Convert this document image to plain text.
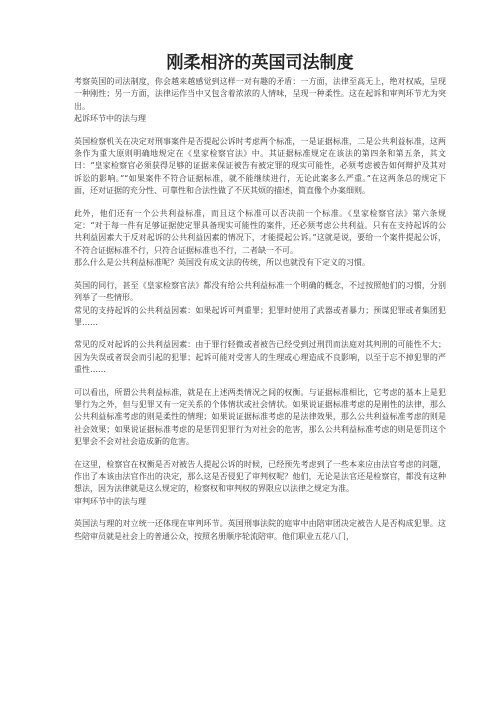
刚柔相济的英国司法制度

考察英国的司法制度，你会越来越感觉到这样一对有趣的矛盾：一方面，法律至高无上，绝对权威，呈现一种刚性；另一方面，法律运作当中又包含着浓浓的人情味，呈现一种柔性。这在起诉和审判环节尤为突出。

起诉环节中的法与理

英国检察机关在决定对刑事案件是否提起公诉时考虑两个标准，一是证据标准，二是公共利益标准，这两条作为重大原则明确地规定在《皇家检察官法》中。其证据标准规定在该法的第四条和第五条，其文曰：“皇家检察官必须获得足够的证据来保证被告有被定罪的现实可能性，必须考虑被告如何辩护及其对诉讼的影响。”“如果案件不符合证据标准，就不能继续进行，无论此案多么严重。”在这两条总的规定下面，还对证据的充分性、可靠性和合法性做了不厌其烦的描述，简直像个办案细则。

此外，他们还有一个公共利益标准，而且这个标准可以否决前一个标准。《皇家检察官法》第六条规定：“对于每一件有足够证据使定罪具备现实可能性的案件，还必须考虑公共利益。只有在支持起诉的公共利益因素大于反对起诉的公共利益因素的情况下，才能提起公诉。”这就是说，要给一个案件提起公诉，不符合证据标准不行，只符合证据标准也不行，二者缺一不可。

那么什么是公共利益标准呢？英国没有成文法的传统，所以也就没有下定义的习惯。

英国的同行，甚至《皇家检察官法》都没有给公共利益标准一个明确的概念，不过按照他们的习惯，分别列举了一些情形。

常见的支持起诉的公共利益因素：如果起诉可判重罪；犯罪时使用了武器或者暴力；预谋犯罪或者集团犯罪……

常见的反对起诉的公共利益因素：由于罪行轻微或者被告已经受到过刑罚而法庭对其判刑的可能性不大；因为失误或者误会而引起的犯罪；起诉可能对受害人的生理或心理造成不良影响，以至于忘不掉犯罪的严重性……

可以看出，所谓公共利益标准，就是在上述两类情况之间的权衡。与证据标准相比，它考虑的基本上是犯罪行为之外，但与犯罪又有一定关系的个体情状或社会情状。如果说证据标准考虑的是刚性的法律，那么公共利益标准考虑的则是柔性的情理；如果说证据标准考虑的是法律效果，那么公共利益标准考虑的则是社会效果；如果说证据标准考虑的是惩罚犯罪行为对社会的危害，那么公共利益标准考虑的则是惩罚这个犯罪会不会对社会造成新的危害。

在这里，检察官在权衡是否对被告人提起公诉的时候，已经预先考虑到了一些本来应由法官考虑的问题，作出了本该由法官作出的决定，那么这是否侵犯了审判权呢？他们，无论是法官还是检察官，都没有这种想法，因为法律就是这么规定的，检察权和审判权的界限应以法律之规定为准。

审判环节中的法与理

英国法与理的对立统一还体现在审判环节。英国刑事法院的庭审中由陪审团决定被告人是否构成犯罪。这些陪审员就是社会上的普通公众，按照名册顺序轮流陪审。他们职业五花八门，
